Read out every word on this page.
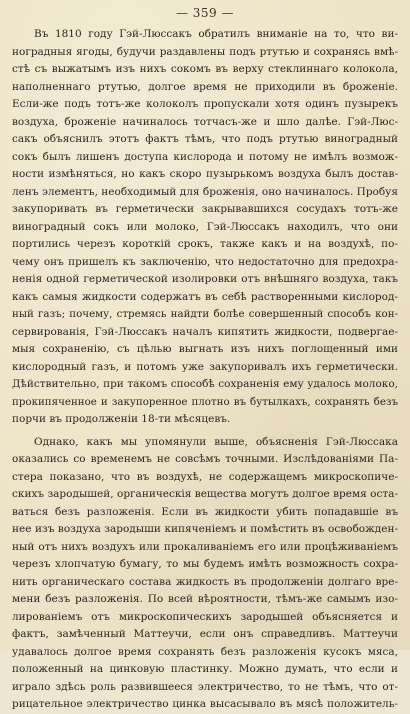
— 359 —
Въ 1810 году Гэй-Люссакъ обратилъ вниманіе на то, что ви-
ноградныя ягоды, будучи раздавлены подъ ртутью и сохранясь вмѣ-
стѣ съ выжатымъ изъ нихъ сокомъ въ верху стеклиннаго колокола,
наполненнаго ртутью, долгое время не приходили въ броженіе.
Если-же подъ тотъ-же колоколъ пропускали хотя одинъ пузырекъ
воздуха, броженіе начиналось тотчасъ-же и шло далѣе. Гэй-Люс-
сакъ объяснилъ этотъ фактъ тѣмъ, что подъ ртутью виноградный
сокъ былъ лишенъ доступа кислорода и потому не имѣлъ возмож-
ности измѣняться, но какъ скоро пузырькомъ воздуха былъ достав-
ленъ элементъ, необходимый для броженія, оно начиналось. Пробуя
закупоривать въ герметически закрывавшихся сосудахъ тотъ-же
виноградный сокъ или молоко, Гэй-Люссакъ находилъ, что они
портились черезъ короткій срокъ, также какъ и на воздухѣ, по-
чему онъ пришелъ къ заключенію, что недостаточно для предохра-
ненія одной герметической изолировки отъ внѣшняго воздуха, такъ
какъ самыя жидкости содержатъ въ себѣ растворенными кислород-
ный газъ; почему, стремясь найдти болѣе совершенный способъ кон-
сервированія, Гэй-Люссакъ началъ кипятить жидкости, подвергае-
мыя сохраненію, съ цѣлью выгнать изъ нихъ поглощенный ими
кислородный газъ, и потомъ уже закупоривалъ ихъ герметически.
Дѣйствительно, при такомъ способѣ сохраненія ему удалось молоко,
прокипяченное и закупоренное плотно въ бутылкахъ, сохранять безъ
порчи въ продолженіи 18-ти мѣсяцевъ.
Однако, какъ мы упомянули выше, объясненія Гэй-Люссака
оказались со временемъ не совсѣмъ точными. Изслѣдованіями Па-
стера показано, что въ воздухѣ, не содержащемъ микроскопиче-
скихъ зародышей, органическія вещества могутъ долгое время оста-
ваться безъ разложенія. Если въ жидкости убить попадавшіе въ
нее изъ воздуха зародыши кипяченіемъ и помѣстить въ освобожден-
ный отъ нихъ воздухъ или прокаливаніемъ его или процѣживаніемъ
черезъ хлопчатую бумагу, то мы будемъ имѣть возможность сохра-
нить органическаго состава жидкость въ продолженіи долгаго вре-
мени безъ разложенія. По всей вѣроятности, тѣмъ-же самымъ изо-
лированіемъ отъ микроскопическихъ зародышей объясняется и
фактъ, замѣченный Маттеучи, если онъ справедливъ. Маттеучи
удавалось долгое время сохранять безъ разложенія кусокъ мяса,
положенный на цинковую пластинку. Можно думать, что если и
играло здѣсь роль развившееся электричество, то не тѣмъ, что от-
рицательное электричество цинка высасывало въ мясѣ положитель-
